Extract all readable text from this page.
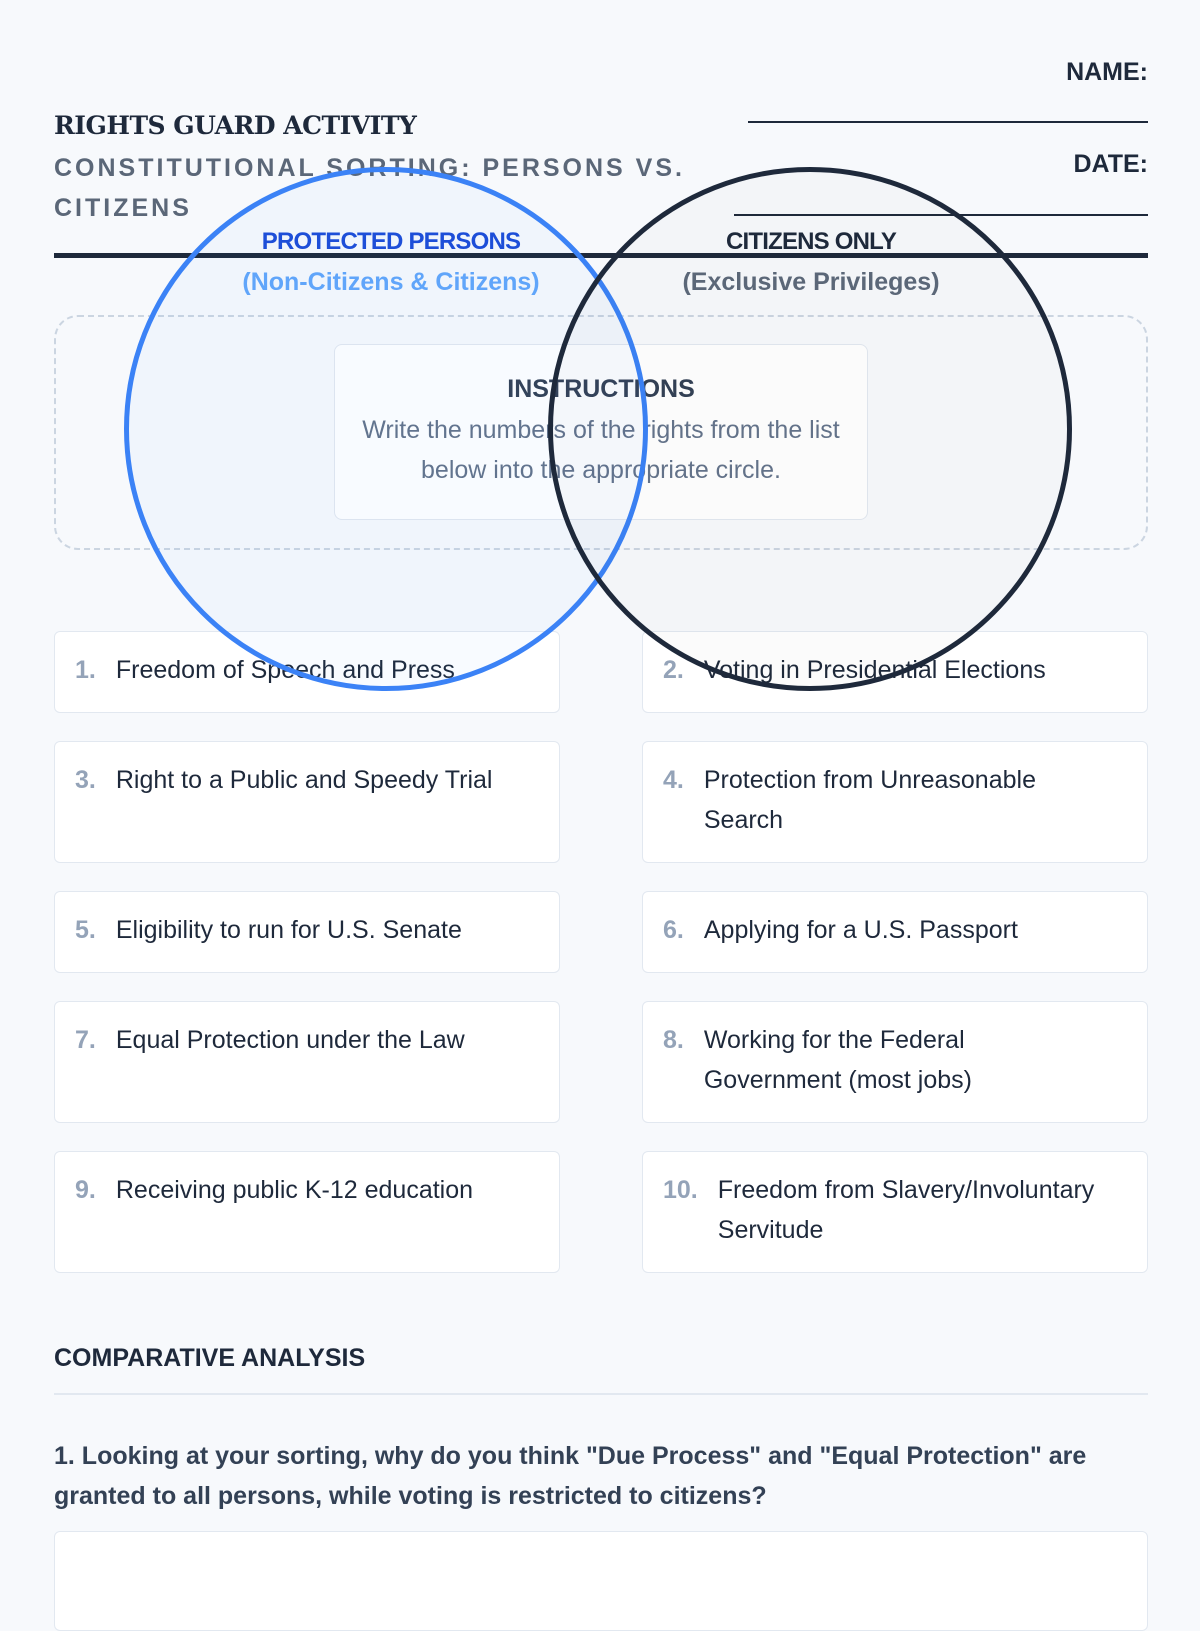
RIGHTS GUARD ACTIVITY
CONSTITUTIONAL SORTING: PERSONS VS. CITIZENS
NAME:
DATE:
INSTRUCTIONS
Write the numbers of the rights from the list below into the appropriate circle.
1. Freedom of Speech and Press	2. Voting in Presidential Elections
3. Right to a Public and Speedy Trial	4. Protection from Unreasonable Search
5. Eligibility to run for U.S. Senate	6. Applying for a U.S. Passport
7. Equal Protection under the Law	8. Working for the Federal Government (most jobs)
9. Receiving public K-12 education	10. Freedom from Slavery/Involuntary Servitude
PROTECTED PERSONS
(Non-Citizens & Citizens)
CITIZENS ONLY
(Exclusive Privileges)
COMPARATIVE ANALYSIS
1. Looking at your sorting, why do you think "Due Process" and "Equal Protection" are granted to all persons, while voting is restricted to citizens?
